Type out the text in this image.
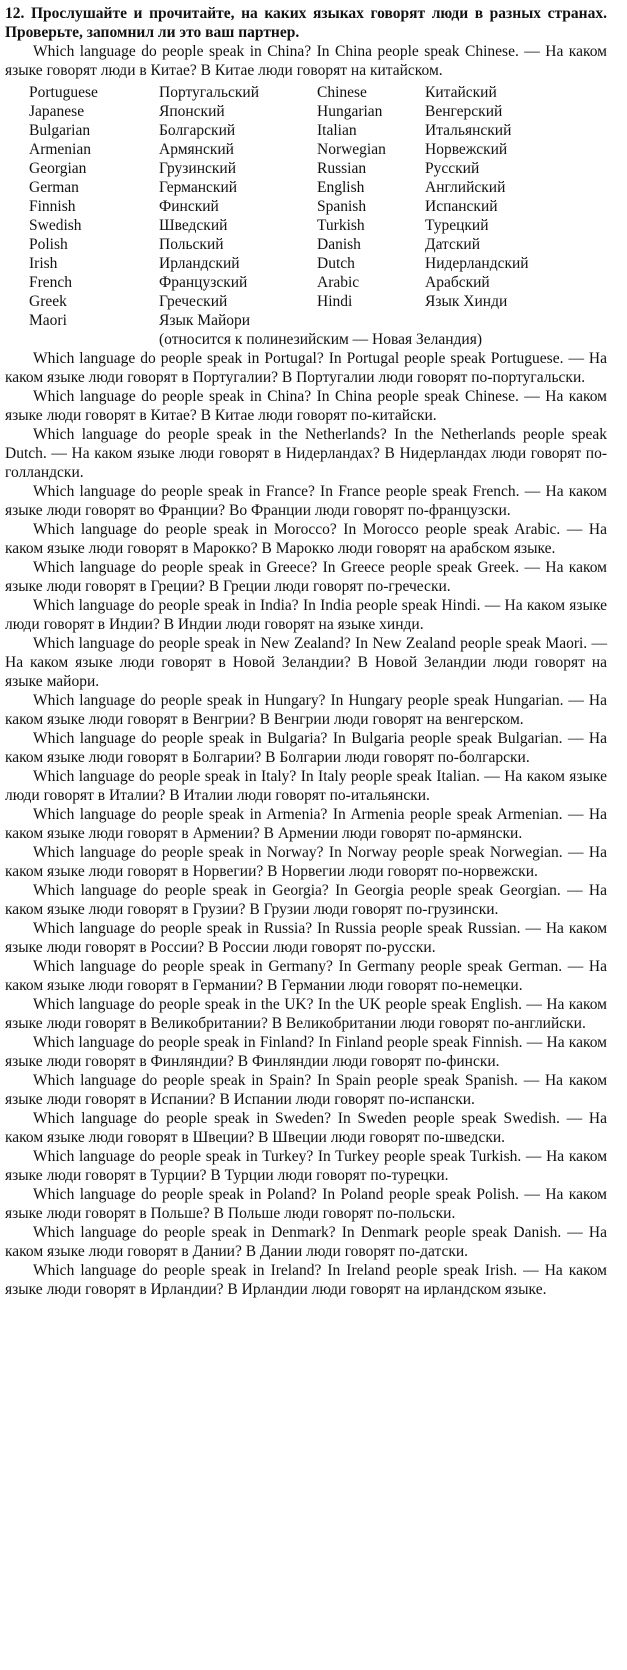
12. Прослушайте и прочитайте, на каких языках говорят люди в разных странах. Проверьте, запомнил ли это ваш партнер.

Which language do people speak in China? In China people speak Chinese. — На каком языке говорят люди в Китае? В Китае люди говорят на китайском.

Portuguese	Португальский	Chinese	Китайский
Japanese	Японский	Hungarian	Венгерский
Bulgarian	Болгарский	Italian	Итальянский
Armenian	Армянский	Norwegian	Норвежский
Georgian	Грузинский	Russian	Русский
German	Германский	English	Английский
Finnish	Финский	Spanish	Испанский
Swedish	Шведский	Turkish	Турецкий
Polish	Польский	Danish	Датский
Irish	Ирландский	Dutch	Нидерландский
French	Французский	Arabic	Арабский
Greek	Греческий	Hindi	Язык Хинди
Maori	Язык Майори		
	(относится к полинезийским — Новая Зеландия)		

Which language do people speak in Portugal? In Portugal people speak Portuguese. — На каком языке люди говорят в Португалии? В Португалии люди говорят по-португальски.

Which language do people speak in China? In China people speak Chinese. — На каком языке люди говорят в Китае? В Китае люди говорят по-китайски.

Which language do people speak in the Netherlands? In the Netherlands people speak Dutch. — На каком языке люди говорят в Нидерландах? В Нидерландах люди говорят по-голландски.

Which language do people speak in France? In France people speak French. — На каком языке люди говорят во Франции? Во Франции люди говорят по-французски.

Which language do people speak in Morocco? In Morocco people speak Arabic. — На каком языке люди говорят в Марокко? В Марокко люди говорят на арабском языке.

Which language do people speak in Greece? In Greece people speak Greek. — На каком языке люди говорят в Греции? В Греции люди говорят по-гречески.

Which language do people speak in India? In India people speak Hindi. — На каком языке люди говорят в Индии? В Индии люди говорят на языке хинди.

Which language do people speak in New Zealand? In New Zealand people speak Maori. — На каком языке люди говорят в Новой Зеландии? В Новой Зеландии люди говорят на языке майори.

Which language do people speak in Hungary? In Hungary people speak Hungarian. — На каком языке люди говорят в Венгрии? В Венгрии люди говорят на венгерском.

Which language do people speak in Bulgaria? In Bulgaria people speak Bulgarian. — На каком языке люди говорят в Болгарии? В Болгарии люди говорят по-болгарски.

Which language do people speak in Italy? In Italy people speak Italian. — На каком языке люди говорят в Италии? В Италии люди говорят по-итальянски.

Which language do people speak in Armenia? In Armenia people speak Armenian. — На каком языке люди говорят в Армении? В Армении люди говорят по-армянски.

Which language do people speak in Norway? In Norway people speak Norwegian. — На каком языке люди говорят в Норвегии? В Норвегии люди говорят по-норвежски.

Which language do people speak in Georgia? In Georgia people speak Georgian. — На каком языке люди говорят в Грузии? В Грузии люди говорят по-грузински.

Which language do people speak in Russia? In Russia people speak Russian. — На каком языке люди говорят в России? В России люди говорят по-русски.

Which language do people speak in Germany? In Germany people speak German. — На каком языке люди говорят в Германии? В Германии люди говорят по-немецки.

Which language do people speak in the UK? In the UK people speak English. — На каком языке люди говорят в Великобритании? В Великобритании люди говорят по-английски.

Which language do people speak in Finland? In Finland people speak Finnish. — На каком языке люди говорят в Финляндии? В Финляндии люди говорят по-фински.

Which language do people speak in Spain? In Spain people speak Spanish. — На каком языке люди говорят в Испании? В Испании люди говорят по-испански.

Which language do people speak in Sweden? In Sweden people speak Swedish. — На каком языке люди говорят в Швеции? В Швеции люди говорят по-шведски.

Which language do people speak in Turkey? In Turkey people speak Turkish. — На каком языке люди говорят в Турции? В Турции люди говорят по-турецки.

Which language do people speak in Poland? In Poland people speak Polish. — На каком языке люди говорят в Польше? В Польше люди говорят по-польски.

Which language do people speak in Denmark? In Denmark people speak Danish. — На каком языке люди говорят в Дании? В Дании люди говорят по-датски.

Which language do people speak in Ireland? In Ireland people speak Irish. — На каком языке люди говорят в Ирландии? В Ирландии люди говорят на ирландском языке.
